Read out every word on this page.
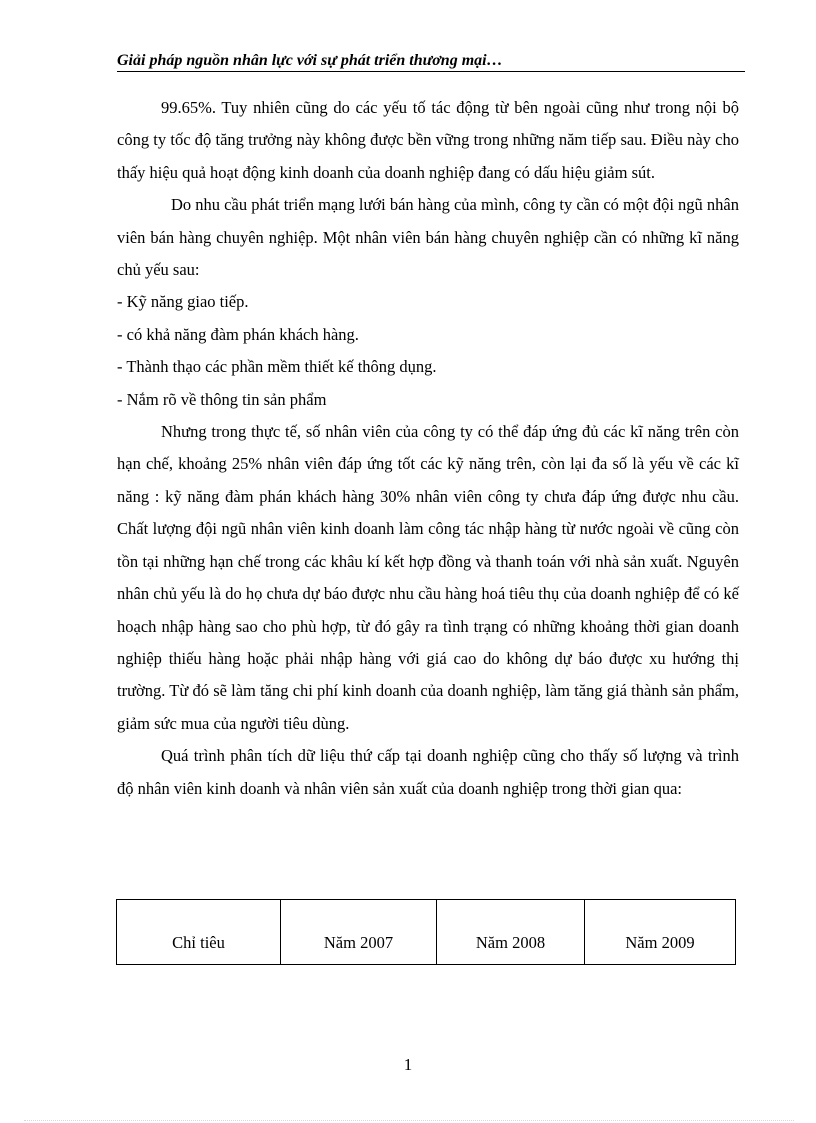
Giải pháp nguồn nhân lực với sự phát triển thương mại…

99.65%. Tuy nhiên cũng do các yếu tố tác động từ bên ngoài cũng như trong nội bộ công ty tốc độ tăng trưởng này không được bền vững trong những năm tiếp sau. Điều này cho thấy hiệu quả hoạt động kinh doanh của doanh nghiệp đang có dấu hiệu giảm sút.

Do nhu cầu phát triển mạng lưới bán hàng của mình, công ty cần có một đội ngũ nhân viên bán hàng chuyên nghiệp. Một nhân viên bán hàng chuyên nghiệp cần có những kĩ năng chủ yếu sau:

- Kỹ năng giao tiếp.

- có khả năng đàm phán khách hàng.

- Thành thạo các phần mềm thiết kế thông dụng.

- Nắm rõ về thông tin sản phẩm

Nhưng trong thực tế, số nhân viên của công ty có thể đáp ứng đủ các kĩ năng trên còn hạn chế, khoảng 25% nhân viên đáp ứng tốt các kỹ năng trên, còn lại đa số là yếu về các kĩ năng : kỹ năng đàm phán khách hàng 30% nhân viên công ty chưa đáp ứng được nhu cầu. Chất lượng đội ngũ nhân viên kinh doanh làm công tác nhập hàng từ nước ngoài về cũng còn tồn tại những hạn chế trong các khâu kí kết hợp đồng và thanh toán với nhà sản xuất. Nguyên nhân chủ yếu là do họ chưa dự báo được nhu cầu hàng hoá tiêu thụ của doanh nghiệp để có kế hoạch nhập hàng sao cho phù hợp, từ đó gây ra tình trạng có những khoảng thời gian doanh nghiệp thiếu hàng hoặc phải nhập hàng với giá cao do không dự báo được xu hướng thị trường. Từ đó sẽ làm tăng chi phí kinh doanh của doanh nghiệp, làm tăng giá thành sản phẩm, giảm sức mua của người tiêu dùng.

Quá trình phân tích dữ liệu thứ cấp tại doanh nghiệp cũng cho thấy số lượng và trình độ nhân viên kinh doanh và nhân viên sản xuất của doanh nghiệp trong thời gian qua:

Chỉ tiêu	Năm 2007	Năm 2008	Năm 2009
1
